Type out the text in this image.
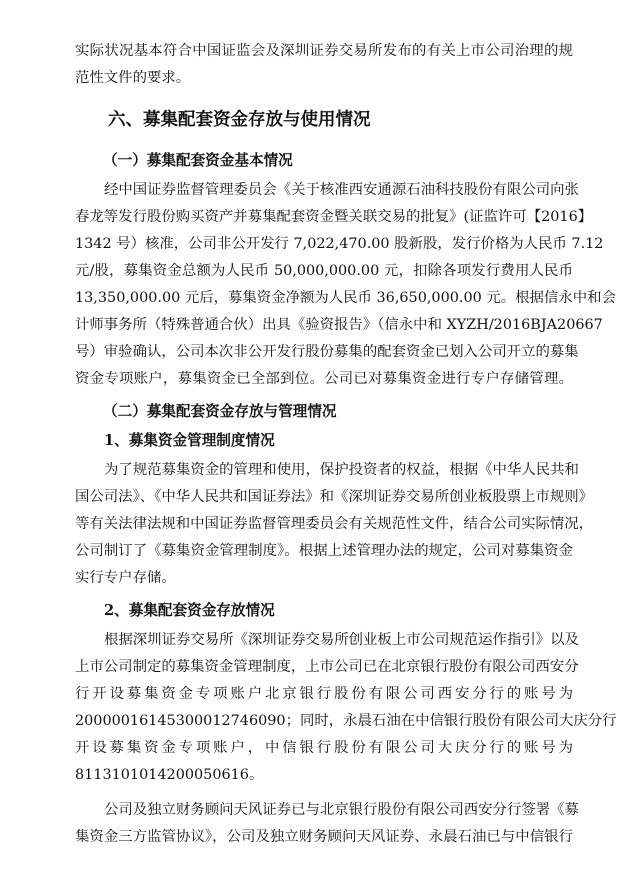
实际状况基本符合中国证监会及深圳证券交易所发布的有关上市公司治理的规
范性文件的要求。
六、募集配套资金存放与使用情况
（一）募集配套资金基本情况
经中国证券监督管理委员会《关于核准西安通源石油科技股份有限公司向张
春龙等发行股份购买资产并募集配套资金暨关联交易的批复》(证监许可【2016】
1342 号）核准，公司非公开发行 7,022,470.00 股新股，发行价格为人民币 7.12
元/股，募集资金总额为人民币 50,000,000.00 元，扣除各项发行费用人民币
13,350,000.00 元后，募集资金净额为人民币 36,650,000.00 元。根据信永中和会
计师事务所（特殊普通合伙）出具《验资报告》（信永中和 XYZH/2016BJA20667
号）审验确认，公司本次非公开发行股份募集的配套资金已划入公司开立的募集
资金专项账户，募集资金已全部到位。公司已对募集资金进行专户存储管理。
（二）募集配套资金存放与管理情况
1、募集资金管理制度情况
为了规范募集资金的管理和使用，保护投资者的权益，根据《中华人民共和
国公司法》、《中华人民共和国证券法》和《深圳证券交易所创业板股票上市规则》
等有关法律法规和中国证券监督管理委员会有关规范性文件，结合公司实际情况，
公司制订了《募集资金管理制度》。根据上述管理办法的规定，公司对募集资金
实行专户存储。
2、募集配套资金存放情况
根据深圳证券交易所《深圳证券交易所创业板上市公司规范运作指引》以及
上市公司制定的募集资金管理制度，上市公司已在北京银行股份有限公司西安分
行开设募集资金专项账户北京银行股份有限公司西安分行的账号为
20000016145300012746090；同时，永晨石油在中信银行股份有限公司大庆分行
开设募集资金专项账户，中信银行股份有限公司大庆分行的账号为
8113101014200050616。
公司及独立财务顾问天风证券已与北京银行股份有限公司西安分行签署《募
集资金三方监管协议》，公司及独立财务顾问天风证券、永晨石油已与中信银行
